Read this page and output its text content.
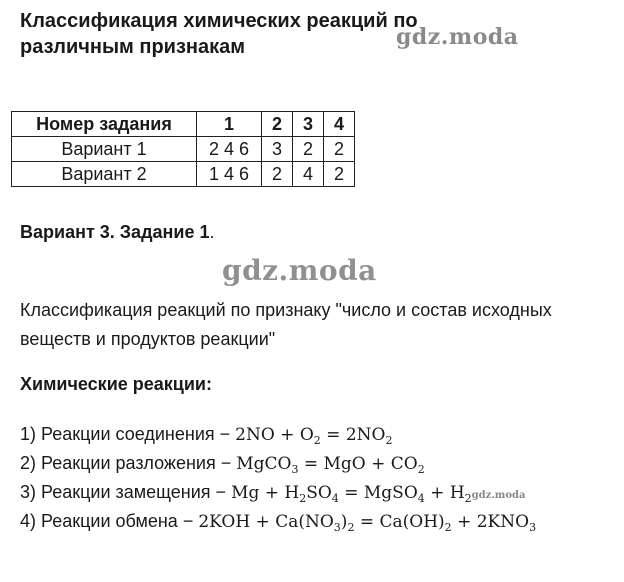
Классификация химических реакций по различным признакам	gdz.moda
Номер задания	1	2	3	4
Вариант 1	2 4 6	3	2	2
Вариант 2	1 4 6	2	4	2
Вариант 3. Задание 1.
gdz.moda
Классификация реакций по признаку "число и состав исходных веществ и продуктов реакции"
Химические реакции:
1) Реакции соединения − $2NO + O_2 = 2NO_2$
2) Реакции разложения − MgCO$_3$ = MgO + $CO_2$
3) Реакции замещения − $Mg + H_2SO_4$ = MgSO$_4$ + $H_2gdz.moda$
4) Реакции обмена − $2KOH + Ca(NO_3)_2 = Ca(OH)_2 + 2KNO_3$
